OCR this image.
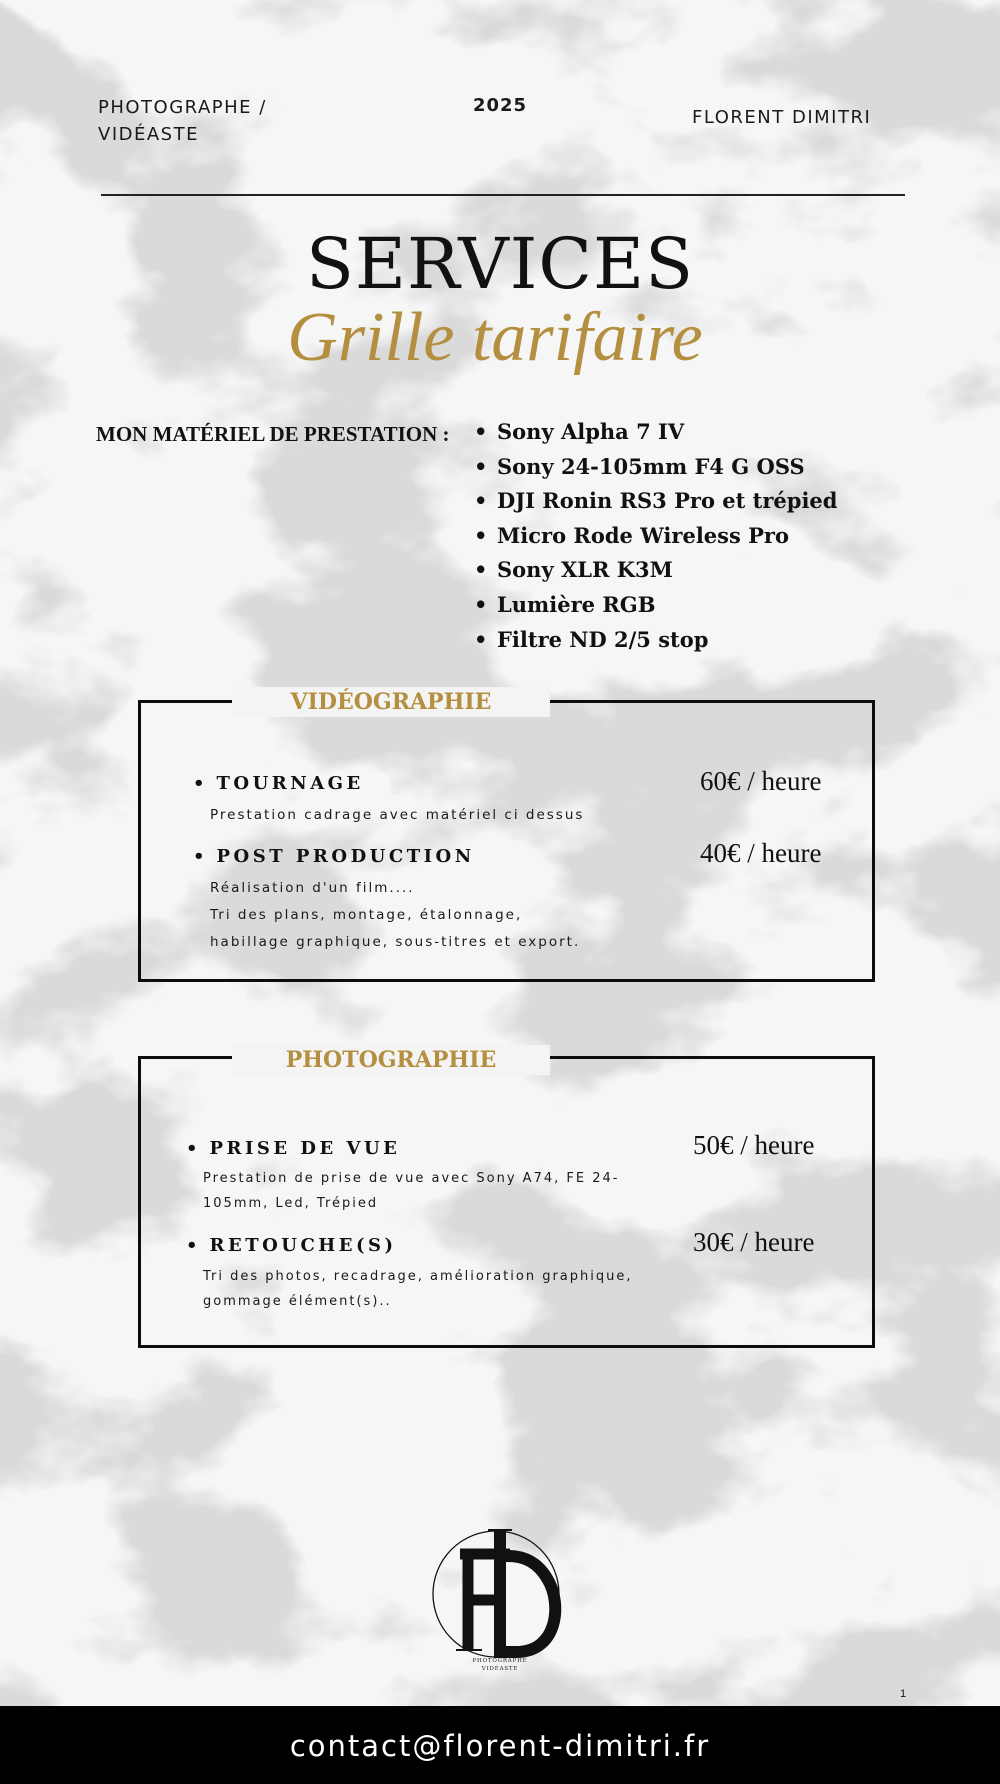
PHOTOGRAPHE /
VIDÉASTE
2025
FLORENT DIMITRI
SERVICES
Grille tarifaire
MON MATÉRIEL DE PRESTATION :
•	Sony Alpha 7 IV
• Sony 24-105mm F4 G OSS
• DJI Ronin RS3 Pro et trépied
• Micro Rode Wireless Pro
• Sony XLR K3M
• Lumière RGB
• Filtre ND 2/5 stop
VIDÉOGRAPHIE
• TOURNAGE
Prestation cadrage avec matériel ci dessus
60€ / heure
• POST PRODUCTION
Réalisation d'un film....
Tri des plans, montage, étalonnage,
habillage graphique, sous-titres et export.
40€ / heure
PHOTOGRAPHIE
• PRISE DE VUE
Prestation de prise de vue avec Sony A74, FE 24-
105mm, Led, Trépied
50€ / heure
• RETOUCHE(S)
Tri des photos, recadrage, amélioration graphique,
gommage élément(s)..
30€ / heure
PHOTOGRAPHE
VIDÉASTE
1
contact@florent-dimitri.fr
